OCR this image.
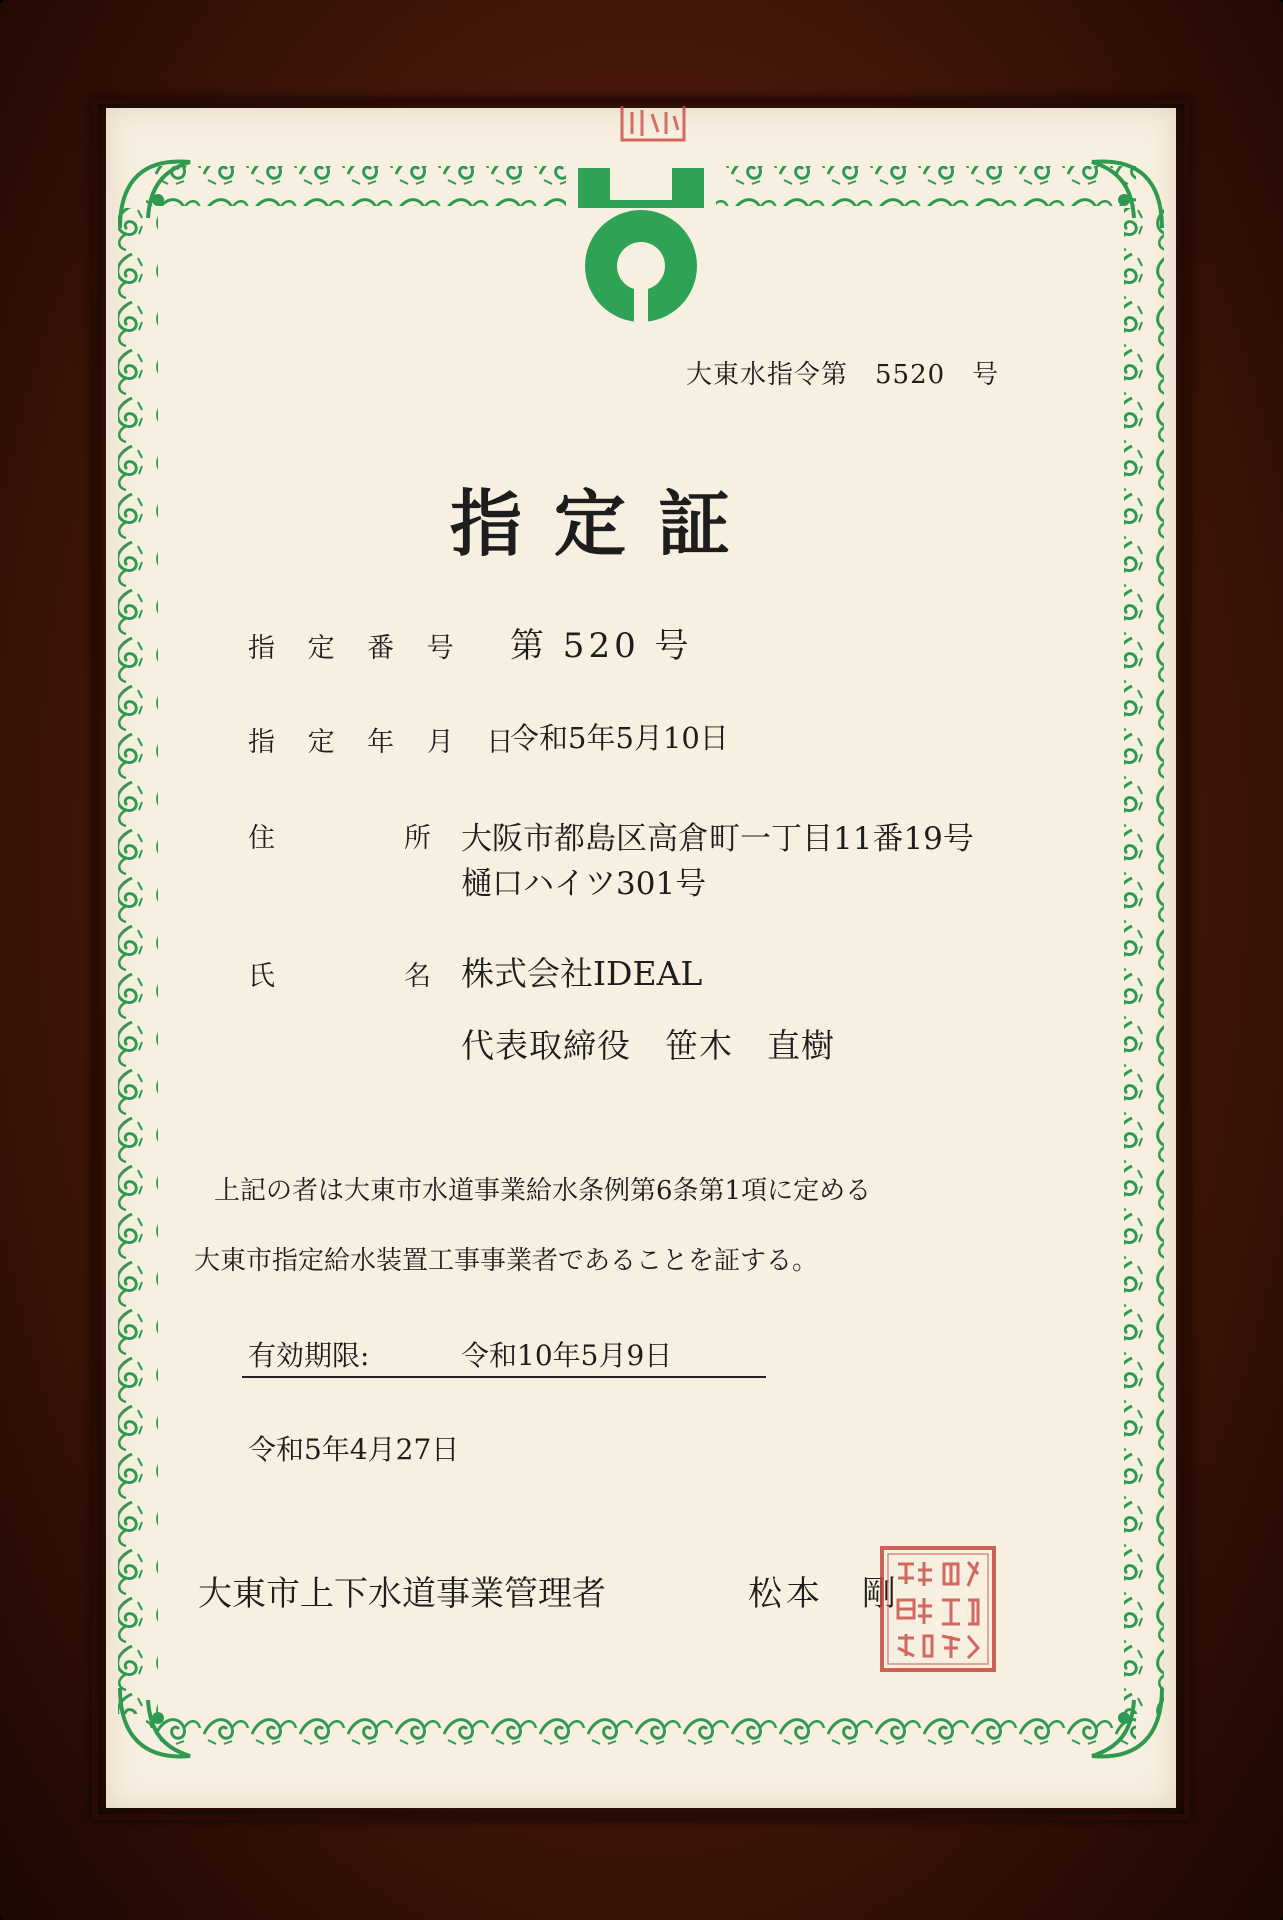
大東水指令第　5520　号

指定証

指 定 番 号 第 520 号

指 定 年 月 日

令和5年5月10日

住　　　所 大阪市都島区高倉町一丁目11番19号

樋口ハイツ301号

氏　　　名 株式会社IDEAL

代表取締役　笹木　直樹

上記の者は大東市水道事業給水条例第6条第1項に定める

大東市指定給水装置工事事業者であることを証する。

有効期限:	令和10年5月9日

令和5年4月27日

大東市上下水道事業管理者	松本　剛
